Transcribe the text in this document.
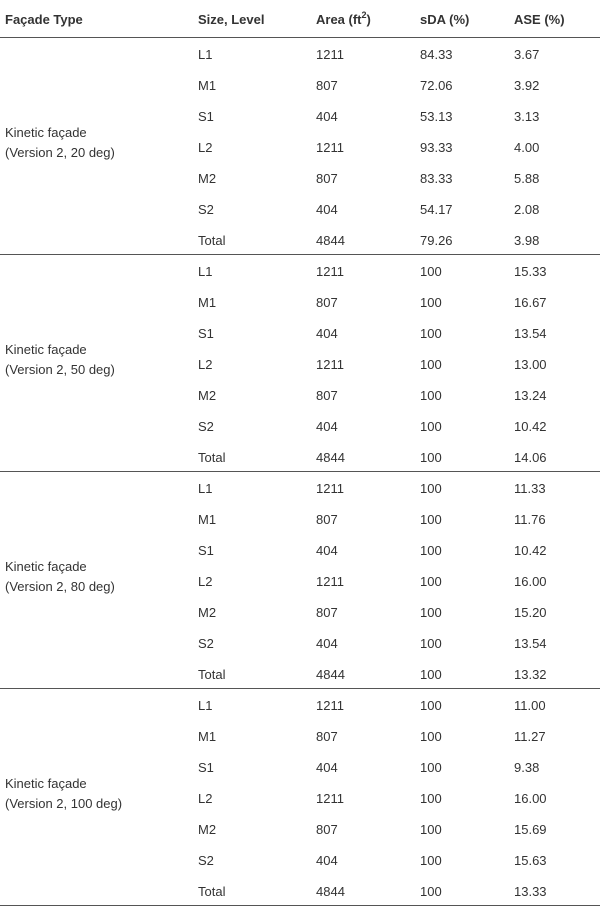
Façade Type	Size, Level	Area $(ft^2)$	sDA (%)	ASE (%)
Kinetic façade
(Version 2, 20 deg)
L1	1211	84.33	3.67
M1	807	72.06	3.92
S1	404	53.13	3.13
L2	1211	93.33	4.00
M2	807	83.33	5.88
S2	404	54.17	2.08
Total	4844	79.26	3.98
Kinetic façade
(Version 2, 50 deg)
L1	1211	100	15.33
M1	807	100	16.67
S1	404	100	13.54
L2	1211	100	13.00
M2	807	100	13.24
S2	404	100	10.42
Total	4844	100	14.06
Kinetic façade
(Version 2, 80 deg)
L1	1211	100	11.33
M1	807	100	11.76
S1	404	100	10.42
L2	1211	100	16.00
M2	807	100	15.20
S2	404	100	13.54
Total	4844	100	13.32
Kinetic façade
(Version 2, 100 deg)
L1	1211	100	11.00
M1	807	100	11.27
S1	404	100	9.38
L2	1211	100	16.00
M2	807	100	15.69
S2	404	100	15.63
Total	4844	100	13.33
